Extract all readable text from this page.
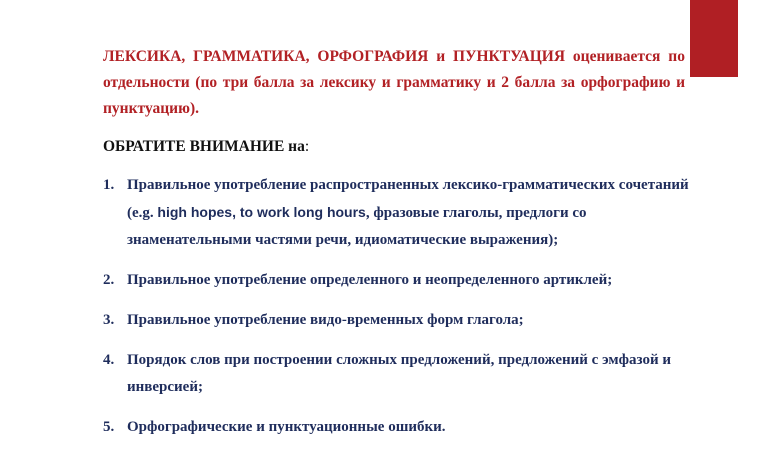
ЛЕКСИКА, ГРАММАТИКА, ОРФОГРАФИЯ и ПУНКТУАЦИЯ оценивается по отдельности (по три балла за лексику и грамматику и 2 балла за орфографию и пунктуацию).

ОБРАТИТЕ ВНИМАНИЕ на:

1. Правильное употребление распространенных лексико-грамматических сочетаний (e.g. high hopes, to work long hours, фразовые глаголы, предлоги со знаменательными частями речи, идиоматические выражения);
2. Правильное употребление определенного и неопределенного артиклей;
3. Правильное употребление видо-временных форм глагола;
4. Порядок слов при построении сложных предложений, предложений с эмфазой и инверсией;
5. Орфографические и пунктуационные ошибки.
